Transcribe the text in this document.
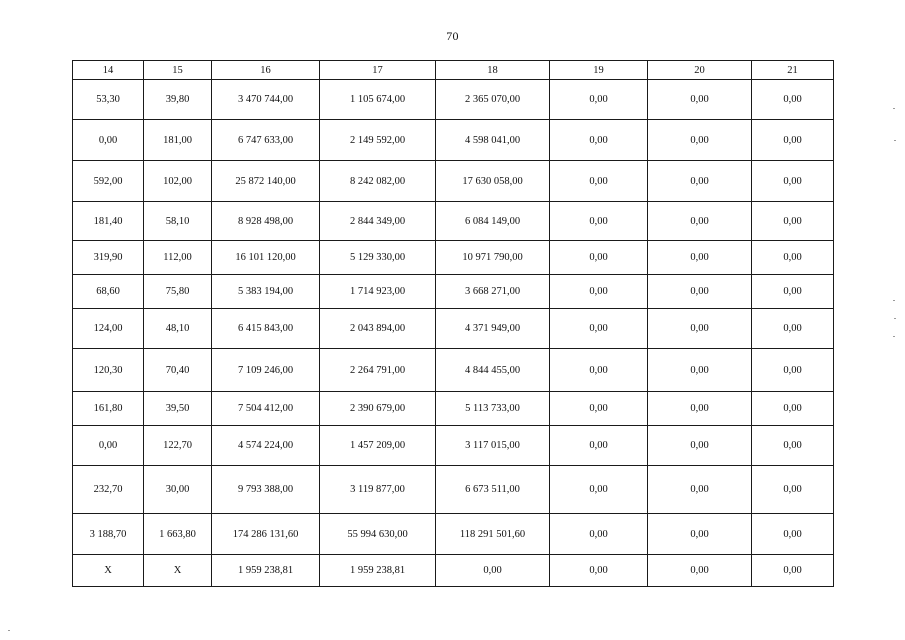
70
14	15	16	17	18	19	20	21
53,30	39,80	3 470 744,00	1 105 674,00	2 365 070,00	0,00	0,00	0,00
0,00	181,00	6 747 633,00	2 149 592,00	4 598 041,00	0,00	0,00	0,00
592,00	102,00	25 872 140,00	8 242 082,00	17 630 058,00	0,00	0,00	0,00
181,40	58,10	8 928 498,00	2 844 349,00	6 084 149,00	0,00	0,00	0,00
319,90	112,00	16 101 120,00	5 129 330,00	10 971 790,00	0,00	0,00	0,00
68,60	75,80	5 383 194,00	1 714 923,00	3 668 271,00	0,00	0,00	0,00
124,00	48,10	6 415 843,00	2 043 894,00	4 371 949,00	0,00	0,00	0,00
120,30	70,40	7 109 246,00	2 264 791,00	4 844 455,00	0,00	0,00	0,00
161,80	39,50	7 504 412,00	2 390 679,00	5 113 733,00	0,00	0,00	0,00
0,00	122,70	4 574 224,00	1 457 209,00	3 117 015,00	0,00	0,00	0,00
232,70	30,00	9 793 388,00	3 119 877,00	6 673 511,00	0,00	0,00	0,00
3 188,70	1 663,80	174 286 131,60	55 994 630,00	118 291 501,60	0,00	0,00	0,00
X	X	1 959 238,81	1 959 238,81	0,00	0,00	0,00	0,00
